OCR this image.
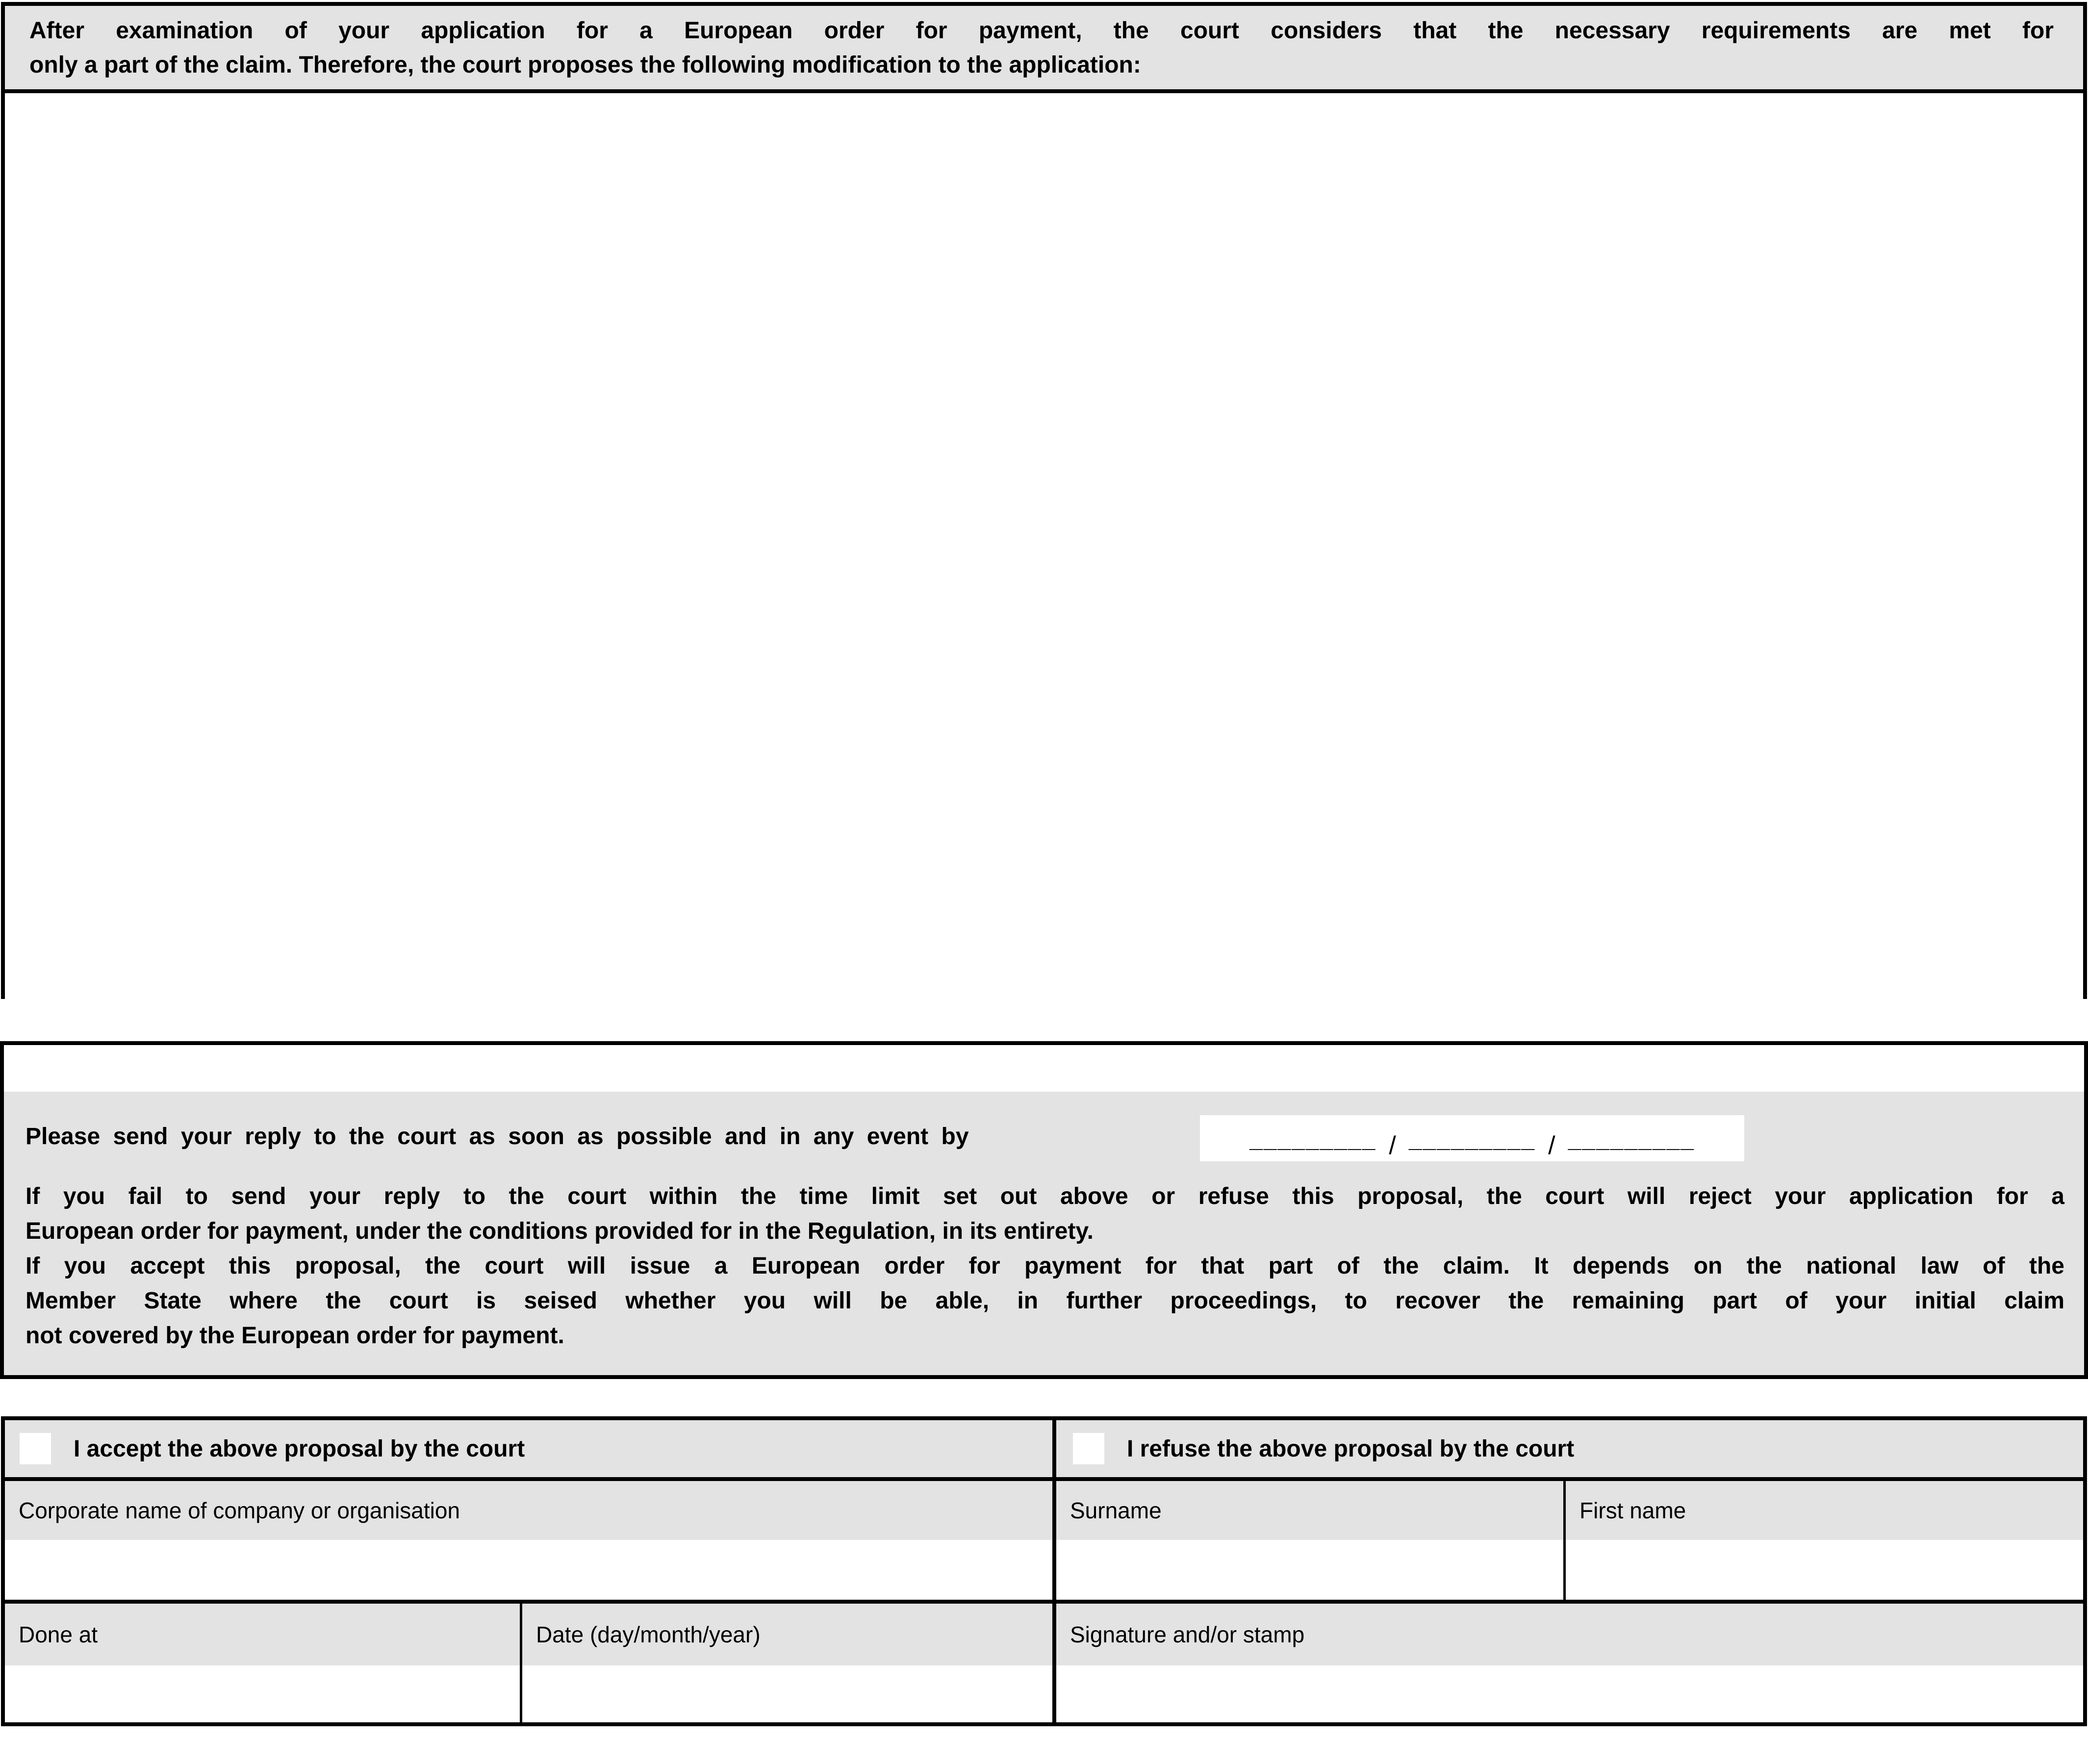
After examination of your application for a European order for payment, the court considers that the necessary requirements are met for
only a part of the claim. Therefore, the court proposes the following modification to the application:
Please send your reply to the court as soon as possible and in any event by	_________ / _________ / _________
If you fail to send your reply to the court within the time limit set out above or refuse this proposal, the court will reject your application for a
European order for payment, under the conditions provided for in the Regulation, in its entirety.
If you accept this proposal, the court will issue a European order for payment for that part of the claim. It depends on the national law of the
Member State where the court is seised whether you will be able, in further proceedings, to recover the remaining part of your initial claim
not covered by the European order for payment.
I accept the above proposal by the court	I refuse the above proposal by the court
Corporate name of company or organisation	Surname	First name
Done at	Date (day/month/year)	Signature and/or stamp
